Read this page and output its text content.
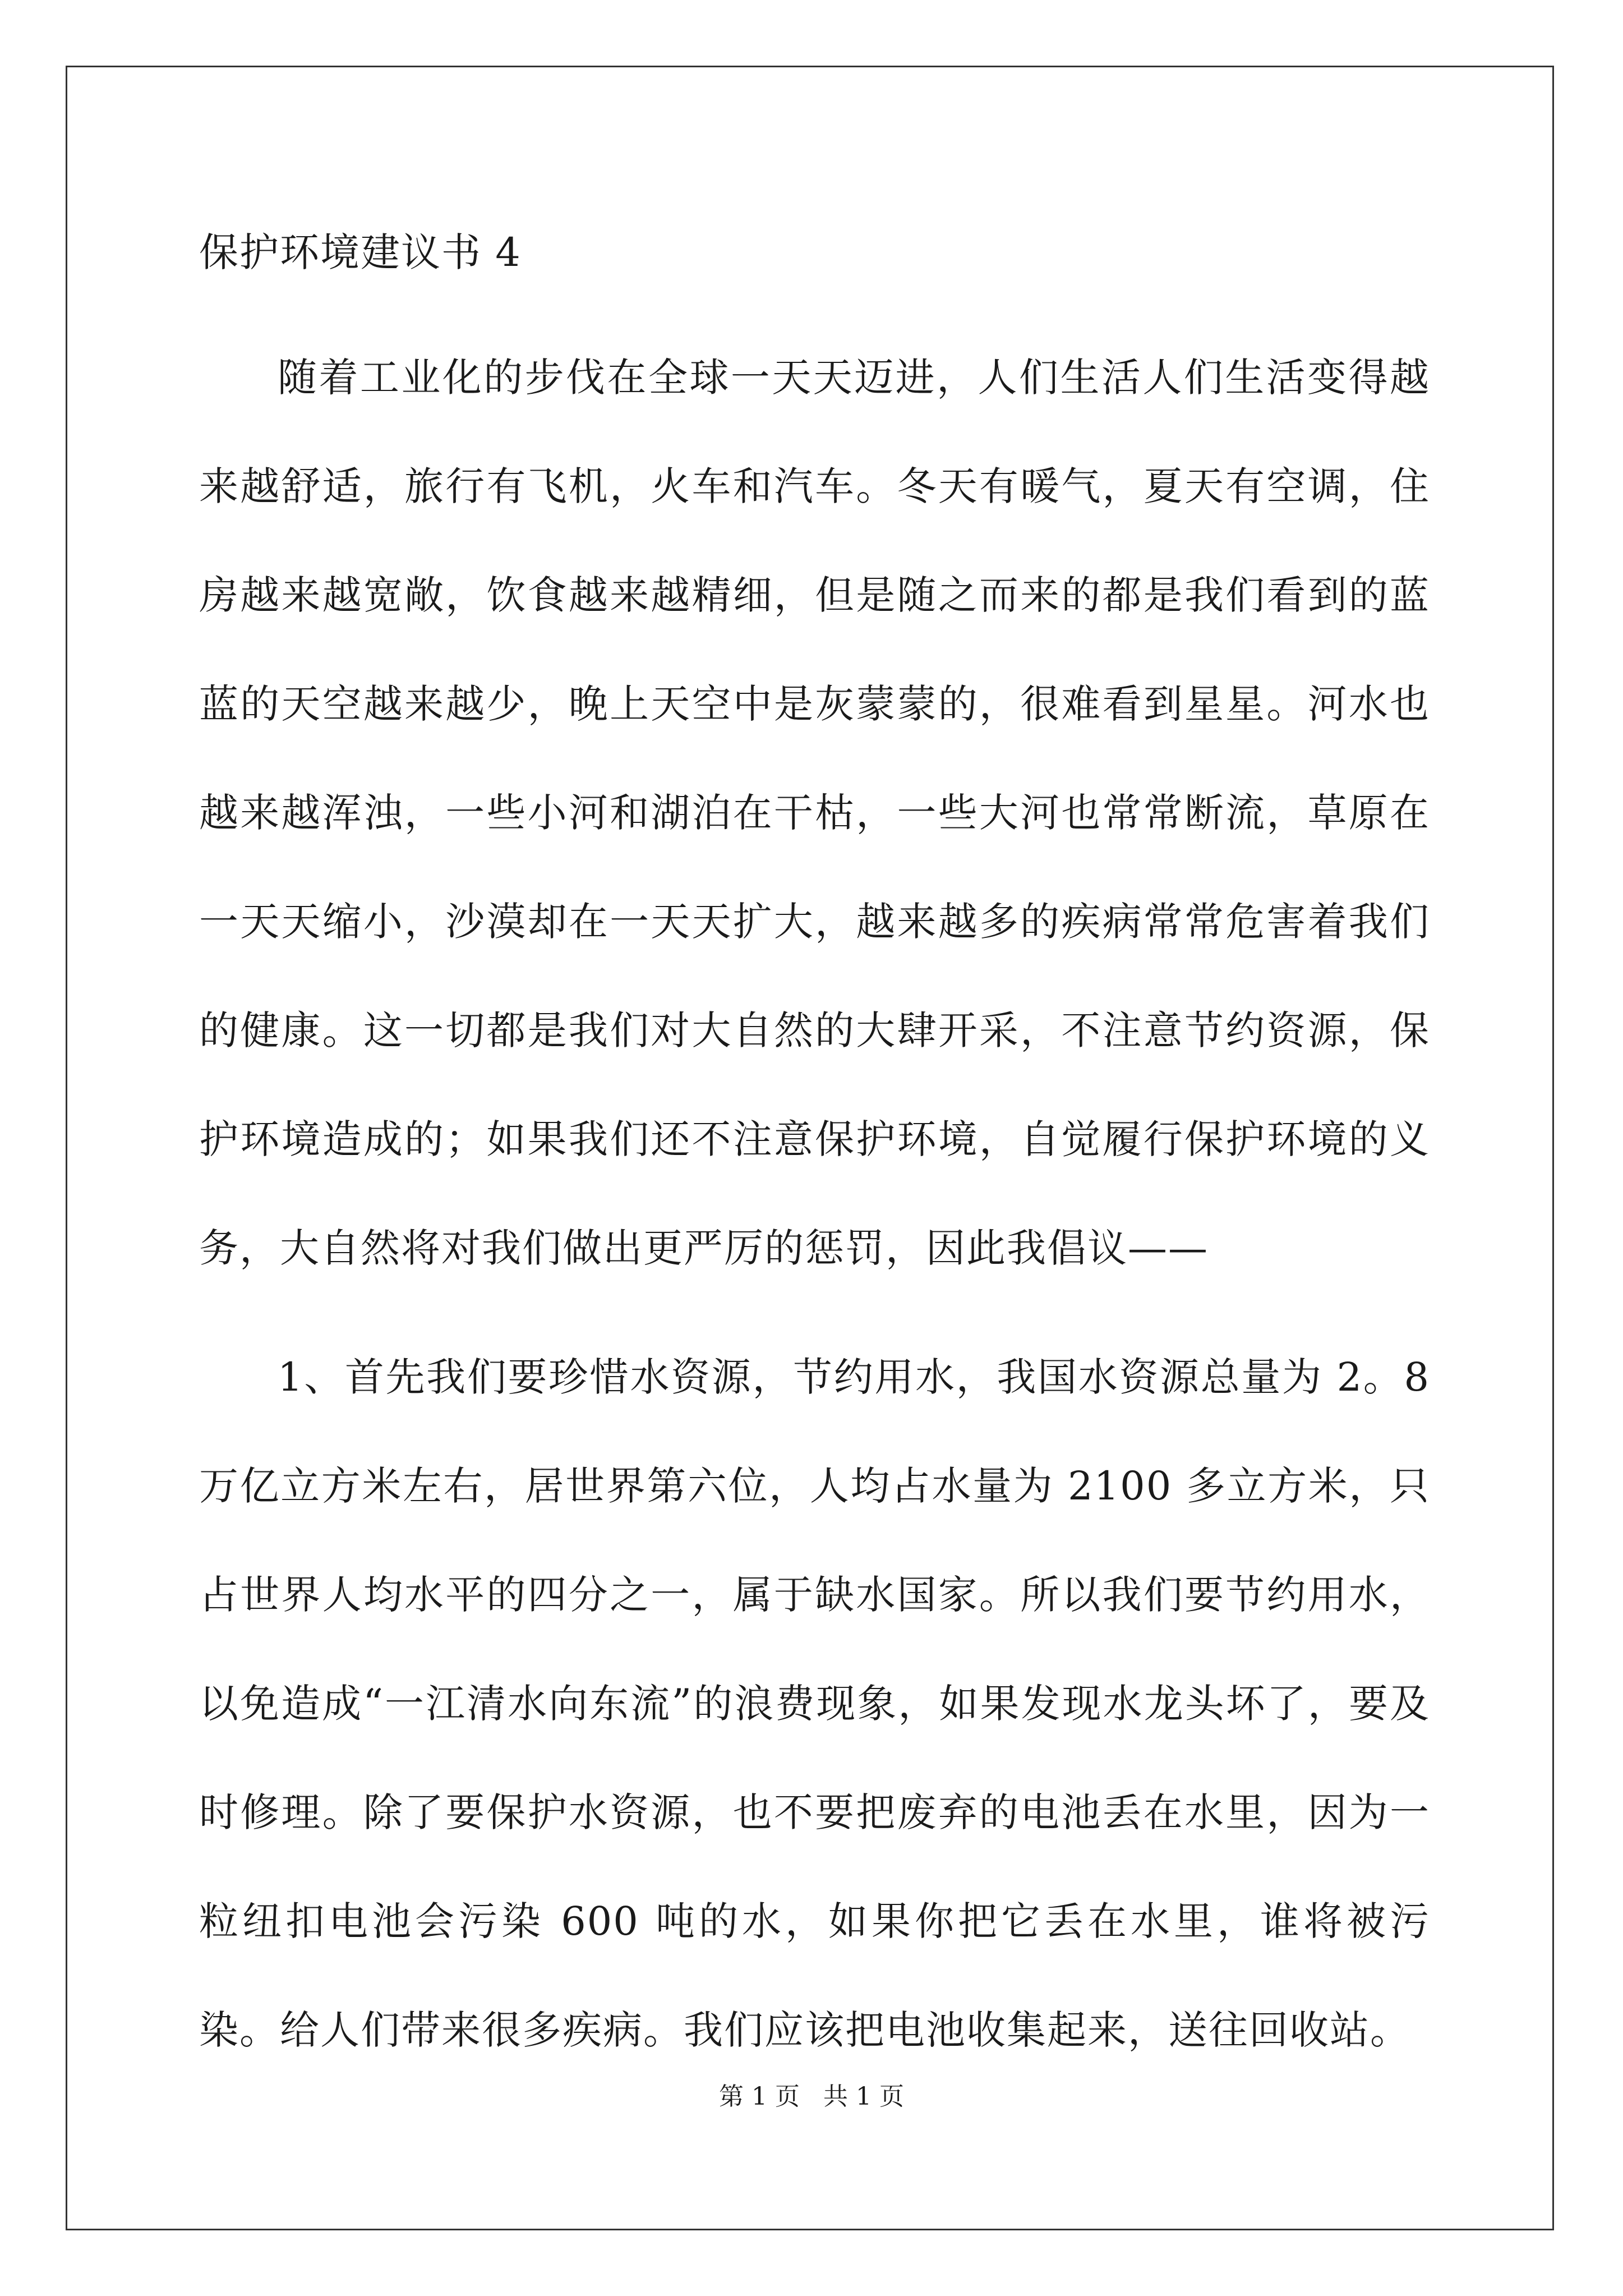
保护环境建议书 4

随着工业化的步伐在全球一天天迈进，人们生活人们生活变得越来越舒适，旅行有飞机，火车和汽车。冬天有暖气，夏天有空调，住房越来越宽敞，饮食越来越精细，但是随之而来的都是我们看到的蓝蓝的天空越来越少，晚上天空中是灰蒙蒙的，很难看到星星。河水也越来越浑浊，一些小河和湖泊在干枯，一些大河也常常断流，草原在一天天缩小，沙漠却在一天天扩大，越来越多的疾病常常危害着我们的健康。这一切都是我们对大自然的大肆开采，不注意节约资源，保护环境造成的；如果我们还不注意保护环境，自觉履行保护环境的义务，大自然将对我们做出更严厉的惩罚，因此我倡议——

1、首先我们要珍惜水资源，节约用水，我国水资源总量为 2。8 万亿立方米左右，居世界第六位，人均占水量为 2100 多立方米，只占世界人均水平的四分之一，属于缺水国家。所以我们要节约用水，以免造成“一江清水向东流”的浪费现象，如果发现水龙头坏了，要及时修理。除了要保护水资源，也不要把废弃的电池丢在水里，因为一粒纽扣电池会污染 600 吨的水，如果你把它丢在水里，谁将被污染。给人们带来很多疾病。我们应该把电池收集起来，送往回收站。

第 1 页   共 1 页
